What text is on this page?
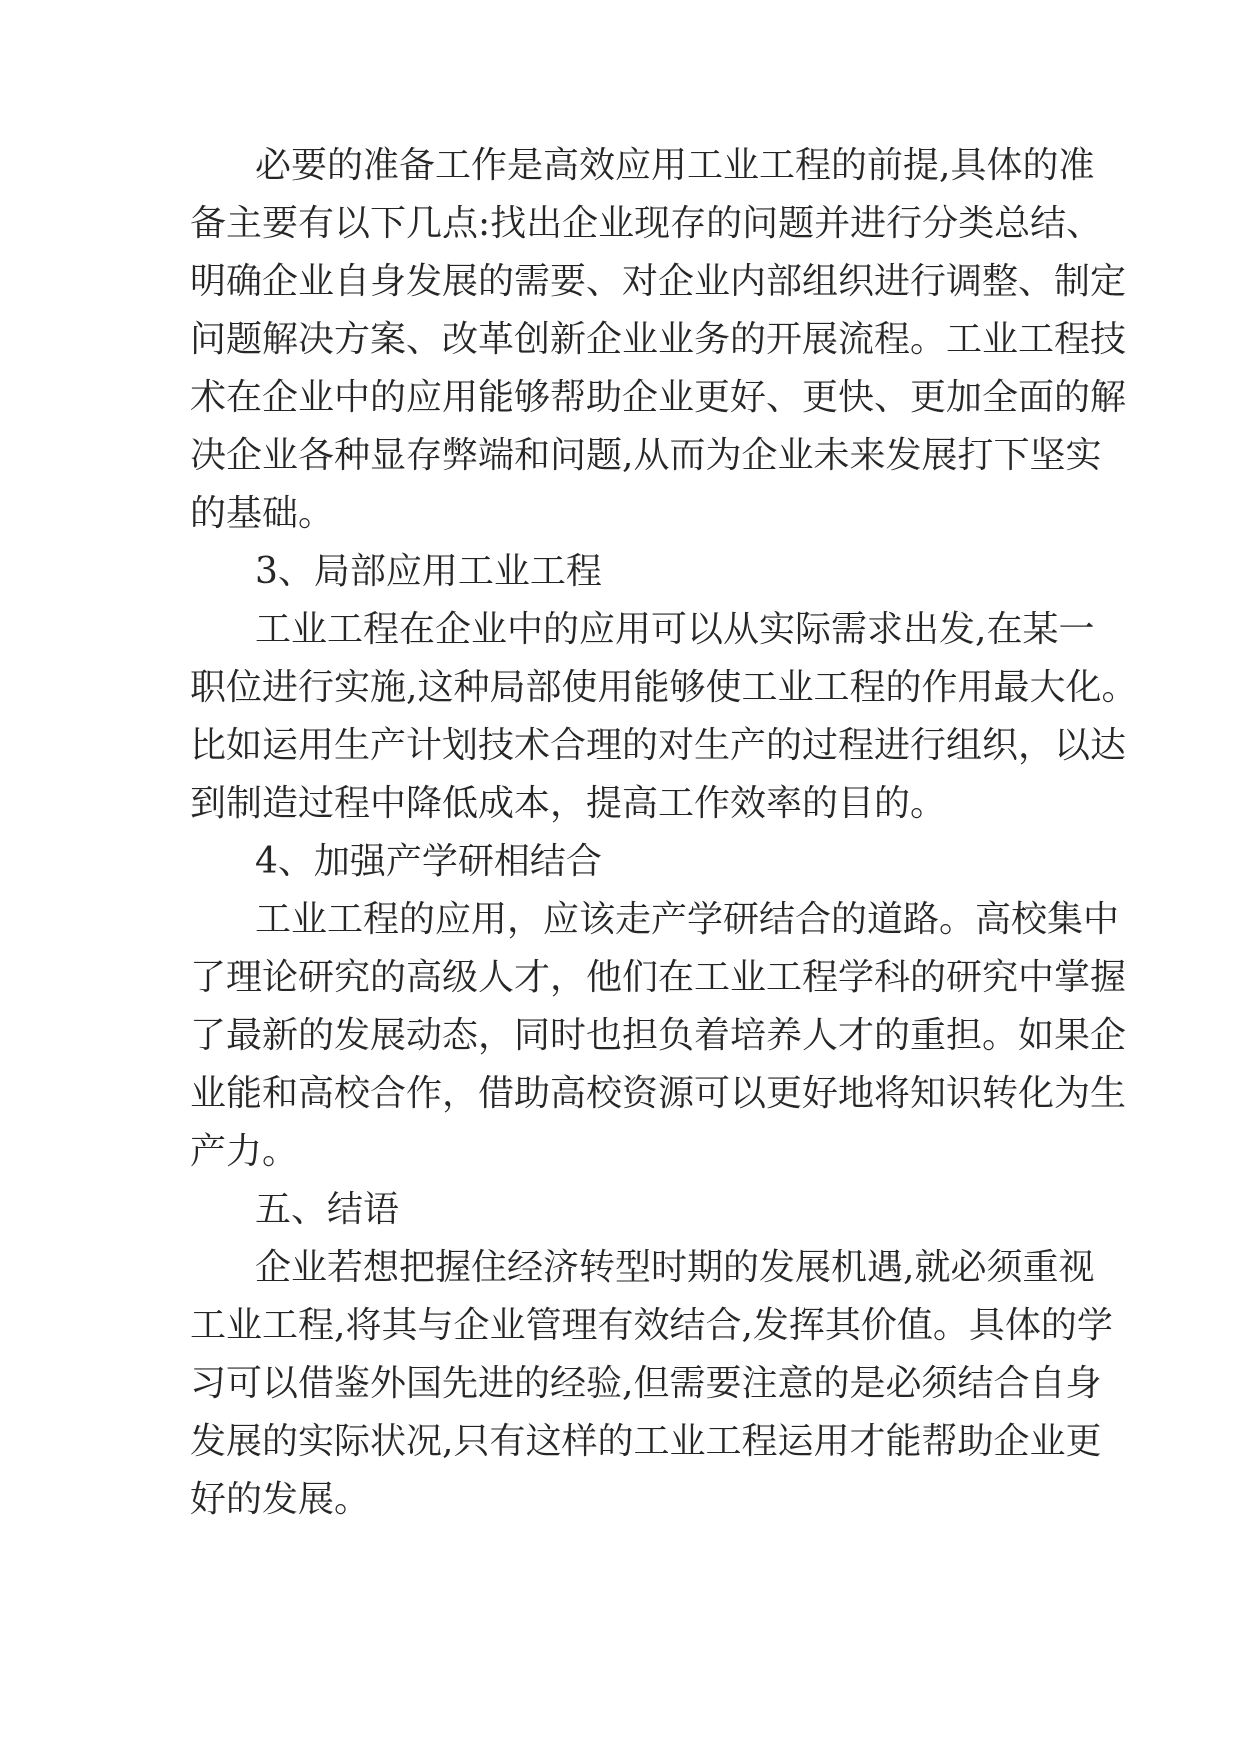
必要的准备工作是高效应用工业工程的前提,具体的准
备主要有以下几点:找出企业现存的问题并进行分类总结、
明确企业自身发展的需要、对企业内部组织进行调整、制定
问题解决方案、改革创新企业业务的开展流程。工业工程技
术在企业中的应用能够帮助企业更好、更快、更加全面的解
决企业各种显存弊端和问题,从而为企业未来发展打下坚实
的基础。
3、局部应用工业工程
工业工程在企业中的应用可以从实际需求出发,在某一
职位进行实施,这种局部使用能够使工业工程的作用最大化。
比如运用生产计划技术合理的对生产的过程进行组织，以达
到制造过程中降低成本，提高工作效率的目的。
4、加强产学研相结合
工业工程的应用，应该走产学研结合的道路。高校集中
了理论研究的高级人才，他们在工业工程学科的研究中掌握
了最新的发展动态，同时也担负着培养人才的重担。如果企
业能和高校合作，借助高校资源可以更好地将知识转化为生
产力。
五、结语
企业若想把握住经济转型时期的发展机遇,就必须重视
工业工程,将其与企业管理有效结合,发挥其价值。具体的学
习可以借鉴外国先进的经验,但需要注意的是必须结合自身
发展的实际状况,只有这样的工业工程运用才能帮助企业更
好的发展。
